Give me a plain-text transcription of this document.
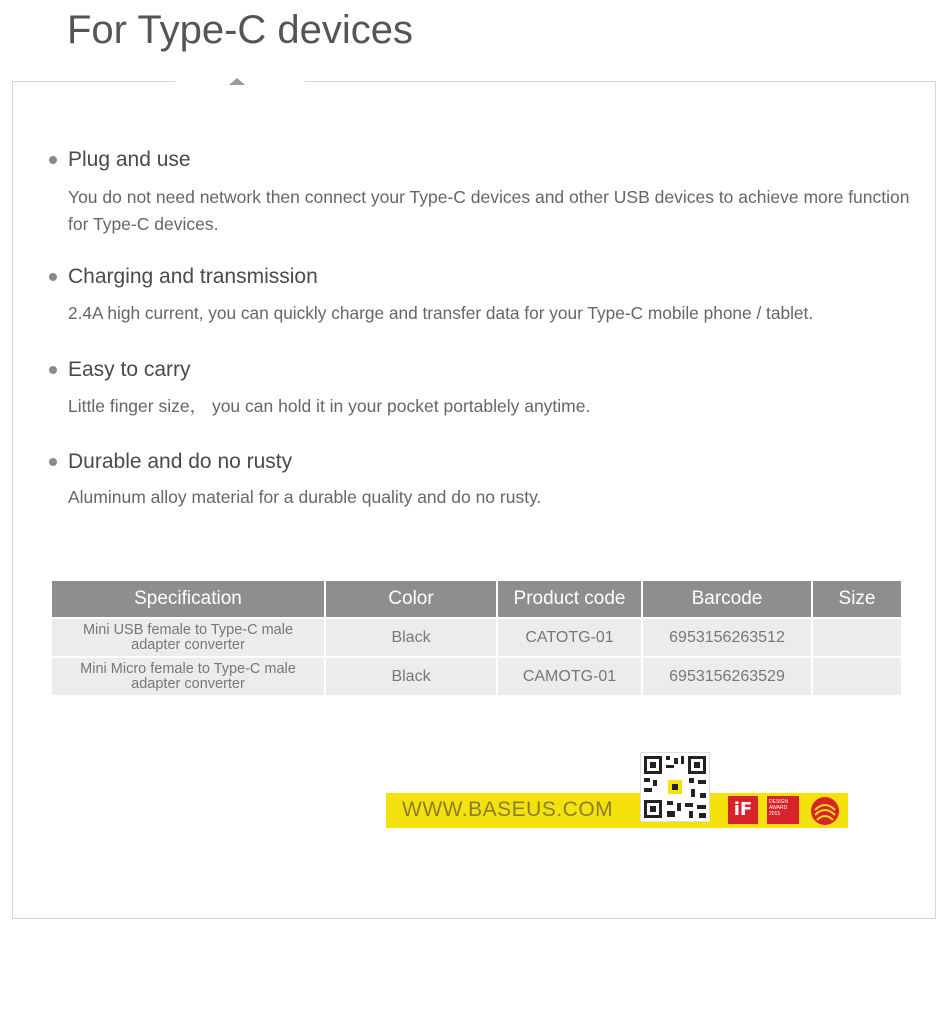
For Type-C devices
Plug and use
You do not need network then connect your Type-C devices and other USB devices to achieve more function for Type-C devices.
Charging and transmission
2.4A high current, you can quickly charge and transfer data for your Type-C mobile phone / tablet.
Easy to carry
Little finger size， you can hold it in your pocket portablely anytime.
Durable and do no rusty
Aluminum alloy material for a durable quality and do no rusty.
Specification	Color	Product code	Barcode	Size
Mini USB female to Type-C male
adapter converter	Black	CATOTG-01	6953156263512	
Mini Micro female to Type-C male
adapter converter	Black	CAMOTG-01	6953156263529	
WWW.BASEUS.COM	iF	DESIGN
AWARD
2015
